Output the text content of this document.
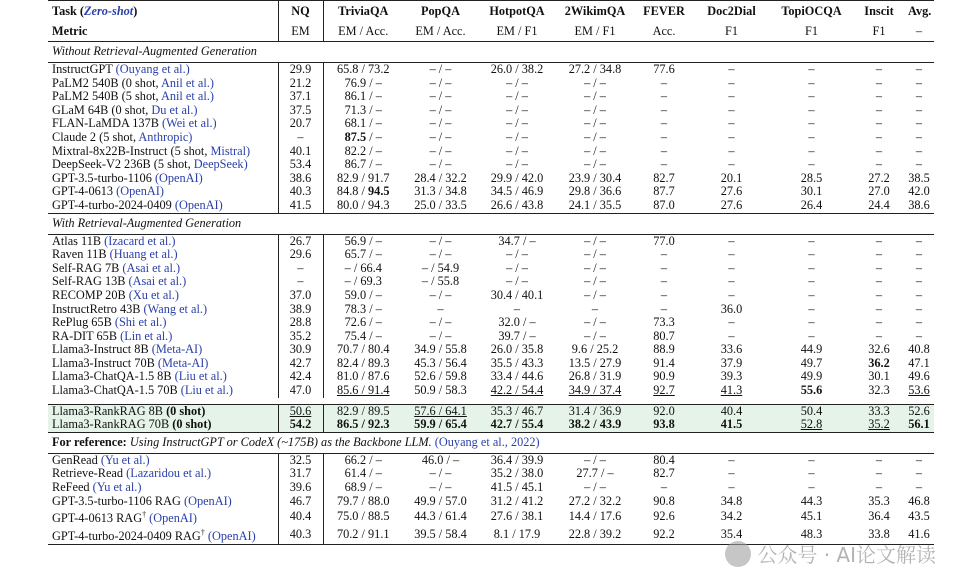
Task (Zero-shot)	NQ	TriviaQA	PopQA	HotpotQA	2WikimQA	FEVER	Doc2Dial	TopiOCQA	Inscit	Avg.
Metric	EM	EM / Acc.	EM / Acc.	EM / F1	EM / F1	Acc.	F1	F1	F1	–
Without Retrieval-Augmented Generation										
InstructGPT (Ouyang et al.)	29.9	65.8 / 73.2	– / –	26.0 / 38.2	27.2 / 34.8	77.6	–	–	–	–
PaLM2 540B (0 shot, Anil et al.)	21.2	76.9 / –	– / –	– / –	– / –	–	–	–	–	–
PaLM2 540B (5 shot, Anil et al.)	37.1	86.1 / –	– / –	– / –	– / –	–	–	–	–	–
GLaM 64B (0 shot, Du et al.)	37.5	71.3 / –	– / –	– / –	– / –	–	–	–	–	–
FLAN-LaMDA 137B (Wei et al.)	20.7	68.1 / –	– / –	– / –	– / –	–	–	–	–	–
Claude 2 (5 shot, Anthropic)	–	87.5 / –	– / –	– / –	– / –	–	–	–	–	–
Mixtral-8x22B-Instruct (5 shot, Mistral)	40.1	82.2 / –	– / –	– / –	– / –	–	–	–	–	–
DeepSeek-V2 236B (5 shot, DeepSeek)	53.4	86.7 / –	– / –	– / –	– / –	–	–	–	–	–
GPT-3.5-turbo-1106 (OpenAI)	38.6	82.9 / 91.7	28.4 / 32.2	29.9 / 42.0	23.9 / 30.4	82.7	20.1	28.5	27.2	38.5
GPT-4-0613 (OpenAI)	40.3	84.8 / 94.5	31.3 / 34.8	34.5 / 46.9	29.8 / 36.6	87.7	27.6	30.1	27.0	42.0
GPT-4-turbo-2024-0409 (OpenAI)	41.5	80.0 / 94.3	25.0 / 33.5	26.6 / 43.8	24.1 / 35.5	87.0	27.6	26.4	24.4	38.6
With Retrieval-Augmented Generation										
Atlas 11B (Izacard et al.)	26.7	56.9 / –	– / –	34.7 / –	– / –	77.0	–	–	–	–
Raven 11B (Huang et al.)	29.6	65.7 / –	– / –	– / –	– / –	–	–	–	–	–
Self-RAG 7B (Asai et al.)	–	– / 66.4	– / 54.9	– / –	– / –	–	–	–	–	–
Self-RAG 13B (Asai et al.)	–	– / 69.3	– / 55.8	– / –	– / –	–	–	–	–	–
RECOMP 20B (Xu et al.)	37.0	59.0 / –	– / –	30.4 / 40.1	– / –	–	–	–	–	–
InstructRetro 43B (Wang et al.)	38.9	78.3 / –	–	–	–	–	36.0	–	–	–
RePlug 65B (Shi et al.)	28.8	72.6 / –	– / –	32.0 / –	– / –	73.3	–	–	–	–
RA-DIT 65B (Lin et al.)	35.2	75.4 / –	– / –	39.7 / –	– / –	80.7	–	–	–	–
Llama3-Instruct 8B (Meta-AI)	30.9	70.7 / 80.4	34.9 / 55.8	26.0 / 35.8	9.6 / 25.2	88.9	33.6	44.9	32.6	40.8
Llama3-Instruct 70B (Meta-AI)	42.7	82.4 / 89.3	45.3 / 56.4	35.5 / 43.3	13.5 / 27.9	91.4	37.9	49.7	36.2	47.1
Llama3-ChatQA-1.5 8B (Liu et al.)	42.4	81.0 / 87.6	52.6 / 59.8	33.4 / 44.6	26.8 / 31.9	90.9	39.3	49.9	30.1	49.6
Llama3-ChatQA-1.5 70B (Liu et al.)	47.0	85.6 / 91.4	50.9 / 58.3	42.2 / 54.4	34.9 / 37.4	92.7	41.3	55.6	32.3	53.6

Llama3-RankRAG 8B (0 shot)	50.6	82.9 / 89.5	57.6 / 64.1	35.3 / 46.7	31.4 / 36.9	92.0	40.4	50.4	33.3	52.6
Llama3-RankRAG 70B (0 shot)	54.2	86.5 / 92.3	59.9 / 65.4	42.7 / 55.4	38.2 / 43.9	93.8	41.5	52.8	35.2	56.1
For reference: Using InstructGPT or CodeX (~175B) as the Backbone LLM. (Ouyang et al., 2022)										
GenRead (Yu et al.)	32.5	66.2 / –	46.0 / –	36.4 / 39.9	– / –	80.4	–	–	–	–
Retrieve-Read (Lazaridou et al.)	31.7	61.4 / –	– / –	35.2 / 38.0	27.7 / –	82.7	–	–	–	–
ReFeed (Yu et al.)	39.6	68.9 / –	– / –	41.5 / 45.1	– / –	–	–	–	–	–
GPT-3.5-turbo-1106 RAG (OpenAI)	46.7	79.7 / 88.0	49.9 / 57.0	31.2 / 41.2	27.2 / 32.2	90.8	34.8	44.3	35.3	46.8
GPT-4-0613 RAG† (OpenAI)	40.4	75.0 / 88.5	44.3 / 61.4	27.6 / 38.1	14.4 / 17.6	92.6	34.2	45.1	36.4	43.5
GPT-4-turbo-2024-0409 RAG† (OpenAI)	40.3	70.2 / 91.1	39.5 / 58.4	8.1 / 17.9	22.8 / 39.2	92.2	35.4	48.3	33.8	41.6
公众号 · AI论文解读
